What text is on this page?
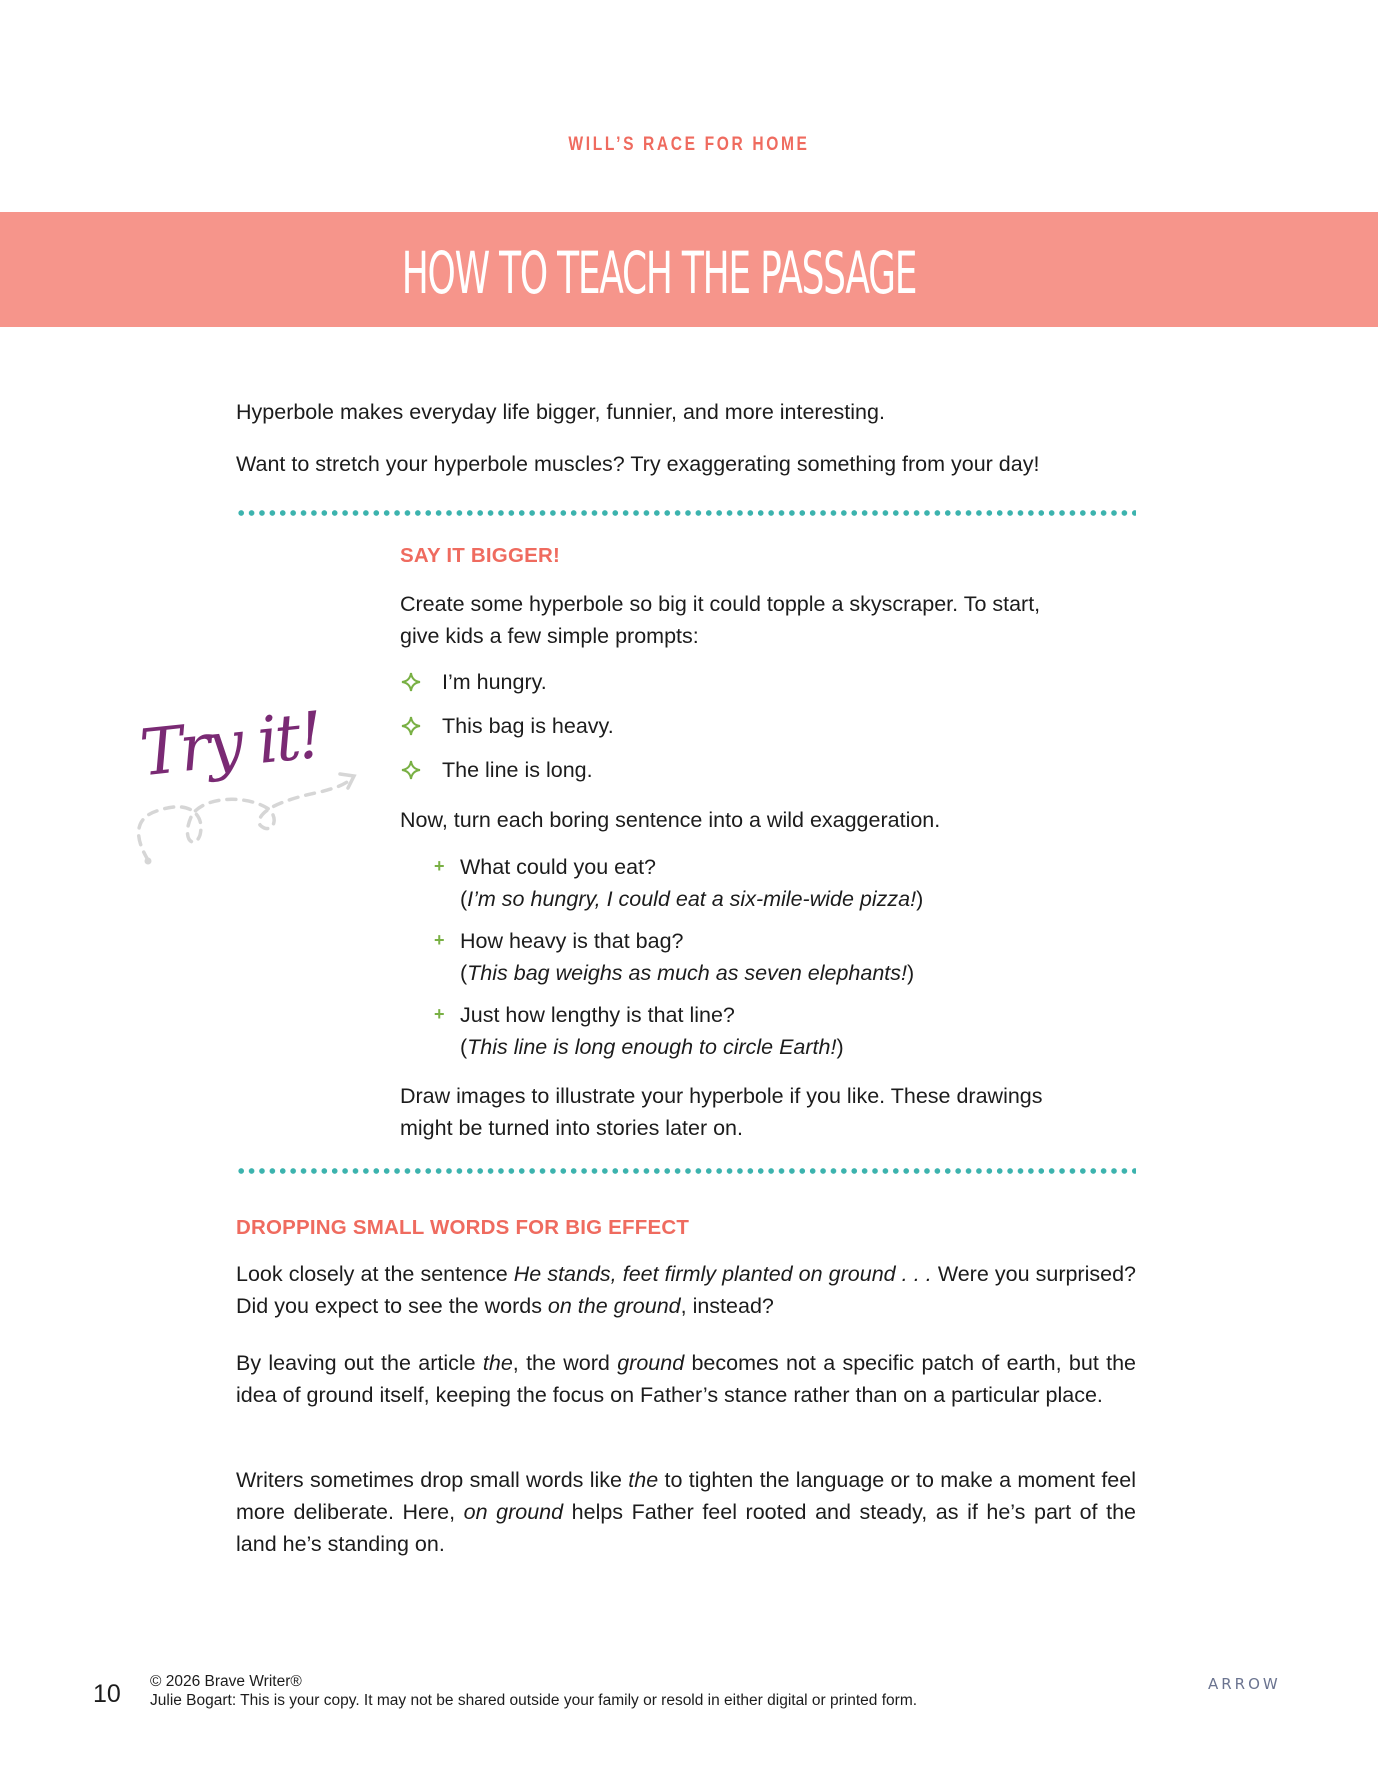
WILL’S RACE FOR HOME
HOW TO TEACH THE PASSAGE

Hyperbole makes everyday life bigger, funnier, and more interesting.

Want to stretch your hyperbole muscles? Try exaggerating something from your day!

Try it!
SAY IT BIGGER!

Create some hyperbole so big it could topple a skyscraper. To start,

give kids a few simple prompts:

I’m hungry.
This bag is heavy.
The line is long.

Now, turn each boring sentence into a wild exaggeration.

+ What could you eat?
(I’m so hungry, I could eat a six-mile-wide pizza!)
+ How heavy is that bag?
(This bag weighs as much as seven elephants!)
+ Just how lengthy is that line?
(This line is long enough to circle Earth!)

Draw images to illustrate your hyperbole if you like. These drawings

might be turned into stories later on.

DROPPING SMALL WORDS FOR BIG EFFECT

Look closely at the sentence He stands, feet firmly planted on ground . . . Were you surprised? Did you expect to see the words on the ground, instead?

By leaving out the article the, the word ground becomes not a specific patch of earth, but the idea of ground itself, keeping the focus on Father’s stance rather than on a particular place.

Writers sometimes drop small words like the to tighten the language or to make a moment feel more deliberate. Here, on ground helps Father feel rooted and steady, as if he’s part of the land he’s standing on.

10 © 2026 Brave Writer®
Julie Bogart: This is your copy. It may not be shared outside your family or resold in either digital or printed form.
ARROW
